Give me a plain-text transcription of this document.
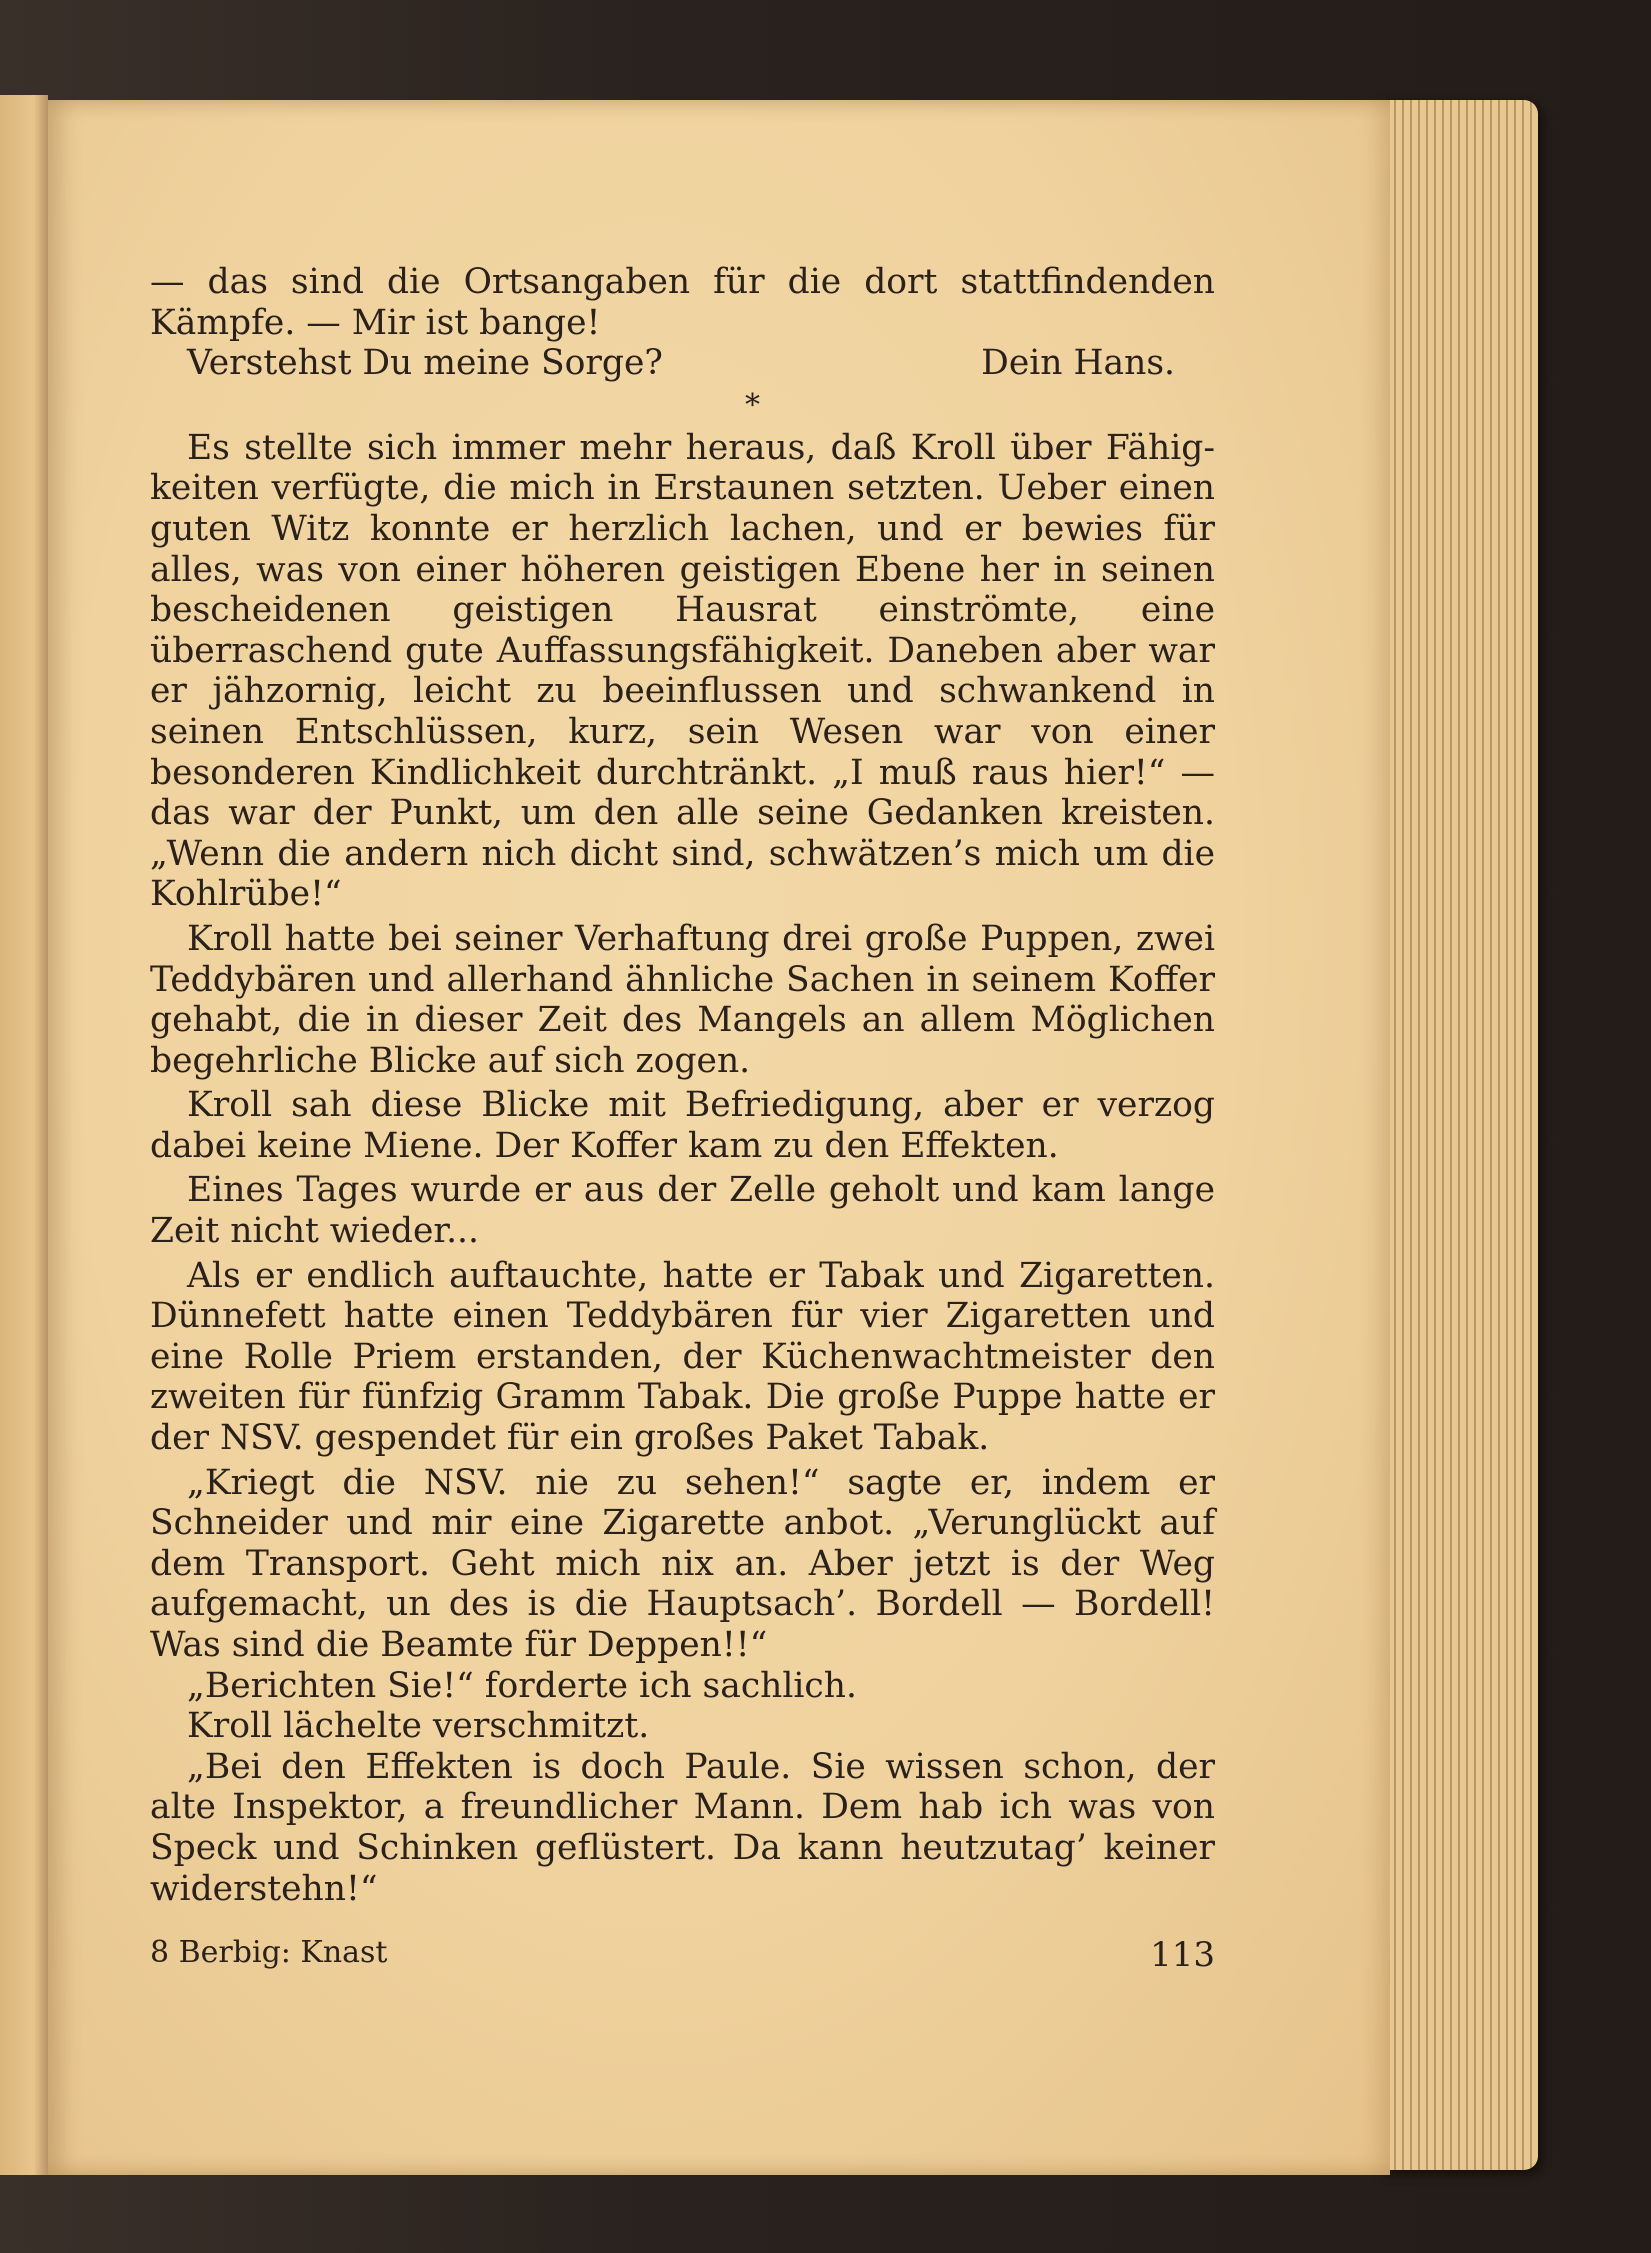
— das sind die Ortsangaben für die dort stattfindenden Kämpfe. — Mir ist bange!

Verstehst Du meine Sorge?	Dein Hans.
*

Es stellte sich immer mehr heraus, daß Kroll über Fähigkeiten verfügte, die mich in Erstaunen setzten. Ueber einen guten Witz konnte er herzlich lachen, und er bewies für alles, was von einer höheren geistigen Ebene her in seinen bescheidenen geistigen Hausrat einströmte, eine überraschend gute Auffassungsfähigkeit. Daneben aber war er jähzornig, leicht zu beeinflussen und schwankend in seinen Entschlüssen, kurz, sein Wesen war von einer besonderen Kindlichkeit durchtränkt. „I muß raus hier!“ — das war der Punkt, um den alle seine Gedanken kreisten. „Wenn die andern nich dicht sind, schwätzen’s mich um die Kohlrübe!“

Kroll hatte bei seiner Verhaftung drei große Puppen, zwei Teddybären und allerhand ähnliche Sachen in seinem Koffer gehabt, die in dieser Zeit des Mangels an allem Möglichen begehrliche Blicke auf sich zogen.

Kroll sah diese Blicke mit Befriedigung, aber er verzog dabei keine Miene. Der Koffer kam zu den Effekten.

Eines Tages wurde er aus der Zelle geholt und kam lange Zeit nicht wieder...

Als er endlich auftauchte, hatte er Tabak und Zigaretten. Dünnefett hatte einen Teddybären für vier Zigaretten und eine Rolle Priem erstanden, der Küchenwachtmeister den zweiten für fünfzig Gramm Tabak. Die große Puppe hatte er der NSV. gespendet für ein großes Paket Tabak.

„Kriegt die NSV. nie zu sehen!“ sagte er, indem er Schneider und mir eine Zigarette anbot. „Verunglückt auf dem Transport. Geht mich nix an. Aber jetzt is der Weg aufgemacht, un des is die Hauptsach’. Bordell — Bordell! Was sind die Beamte für Deppen!!“

„Berichten Sie!“ forderte ich sachlich.

Kroll lächelte verschmitzt.

„Bei den Effekten is doch Paule. Sie wissen schon, der alte Inspektor, a freundlicher Mann. Dem hab ich was von Speck und Schinken geflüstert. Da kann heutzutag’ keiner widerstehn!“

8 Berbig: Knast	113
